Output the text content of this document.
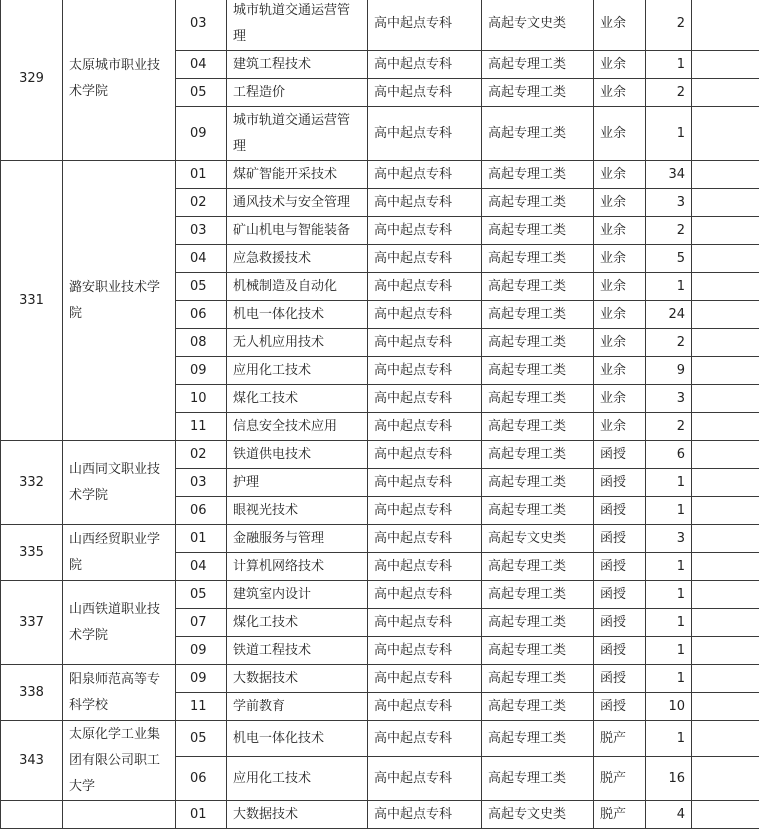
329	太原城市职业技术学院	03	城市轨道交通运营管理	高中起点专科	高起专文史类	业余	2	
		04	建筑工程技术	高中起点专科	高起专理工类	业余	1	
		05	工程造价	高中起点专科	高起专理工类	业余	2	
		09	城市轨道交通运营管理	高中起点专科	高起专理工类	业余	1	
331	潞安职业技术学院	01	煤矿智能开采技术	高中起点专科	高起专理工类	业余	34	
		02	通风技术与安全管理	高中起点专科	高起专理工类	业余	3	
		03	矿山机电与智能装备	高中起点专科	高起专理工类	业余	2	
		04	应急救援技术	高中起点专科	高起专理工类	业余	5	
		05	机械制造及自动化	高中起点专科	高起专理工类	业余	1	
		06	机电一体化技术	高中起点专科	高起专理工类	业余	24	
		08	无人机应用技术	高中起点专科	高起专理工类	业余	2	
		09	应用化工技术	高中起点专科	高起专理工类	业余	9	
		10	煤化工技术	高中起点专科	高起专理工类	业余	3	
		11	信息安全技术应用	高中起点专科	高起专理工类	业余	2	
332	山西同文职业技术学院	02	铁道供电技术	高中起点专科	高起专理工类	函授	6	
		03	护理	高中起点专科	高起专理工类	函授	1	
		06	眼视光技术	高中起点专科	高起专理工类	函授	1	
335	山西经贸职业学院	01	金融服务与管理	高中起点专科	高起专文史类	函授	3	
		04	计算机网络技术	高中起点专科	高起专理工类	函授	1	
337	山西铁道职业技术学院	05	建筑室内设计	高中起点专科	高起专理工类	函授	1	
		07	煤化工技术	高中起点专科	高起专理工类	函授	1	
		09	铁道工程技术	高中起点专科	高起专理工类	函授	1	
338	阳泉师范高等专科学校	09	大数据技术	高中起点专科	高起专理工类	函授	1	
		11	学前教育	高中起点专科	高起专理工类	函授	10	
343	太原化学工业集团有限公司职工大学	05	机电一体化技术	高中起点专科	高起专理工类	脱产	1	
		06	应用化工技术	高中起点专科	高起专理工类	脱产	16	
		01	大数据技术	高中起点专科	高起专文史类	脱产	4	
